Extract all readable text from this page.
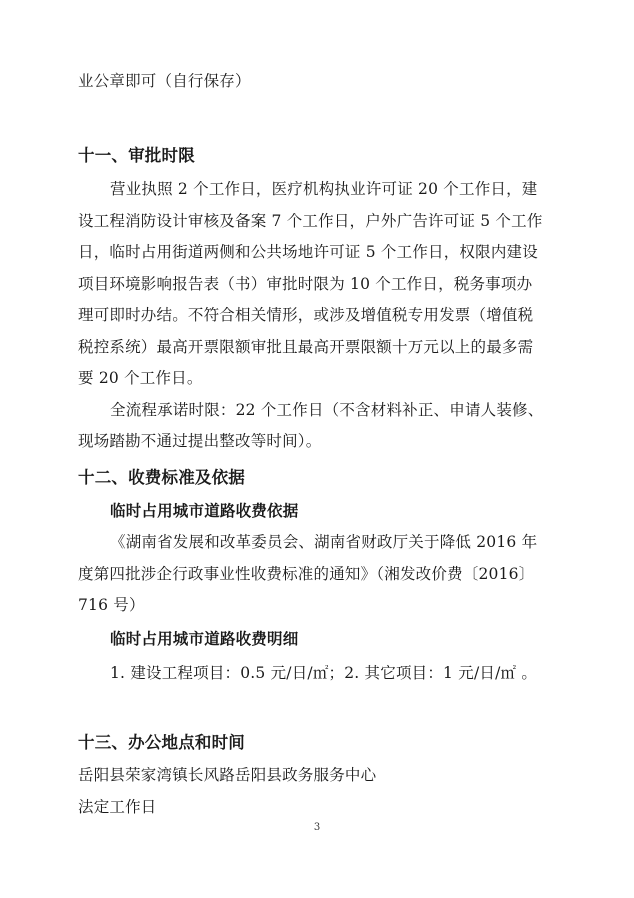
业公章即可（自行保存）
十一、审批时限
营业执照 2 个工作日，医疗机构执业许可证 20 个工作日，建
设工程消防设计审核及备案 7 个工作日，户外广告许可证 5 个工作
日，临时占用街道两侧和公共场地许可证 5 个工作日，权限内建设
项目环境影响报告表（书）审批时限为 10 个工作日，税务事项办
理可即时办结。不符合相关情形，或涉及增值税专用发票（增值税
税控系统）最高开票限额审批且最高开票限额十万元以上的最多需
要 20 个工作日。
全流程承诺时限：22 个工作日（不含材料补正、申请人装修、
现场踏勘不通过提出整改等时间）。
十二、收费标准及依据
临时占用城市道路收费依据
《湖南省发展和改革委员会、湖南省财政厅关于降低 2016 年
度第四批涉企行政事业性收费标准的通知》（湘发改价费〔2016〕
716 号）
临时占用城市道路收费明细
1. 建设工程项目：0.5 元/日/㎡；2. 其它项目：1 元/日/㎡ 。
十三、办公地点和时间
岳阳县荣家湾镇长风路岳阳县政务服务中心
法定工作日
3
